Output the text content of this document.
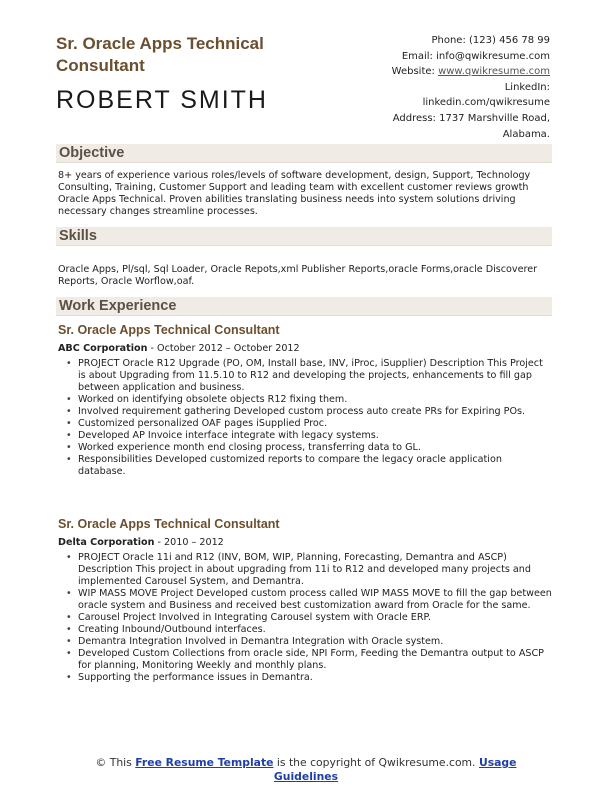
Sr. Oracle Apps Technical Consultant
ROBERT SMITH
Phone: (123) 456 78 99
Email: info@qwikresume.com
Website: www.qwikresume.com
LinkedIn:
linkedin.com/qwikresume
Address: 1737 Marshville Road,
Alabama.
Objective
8+ years of experience various roles/levels of software development, design, Support, Technology Consulting, Training, Customer Support and leading team with excellent customer reviews growth Oracle Apps Technical. Proven abilities translating business needs into system solutions driving necessary changes streamline processes.
Skills
Oracle Apps, Pl/sql, Sql Loader, Oracle Repots,xml Publisher Reports,oracle Forms,oracle Discoverer Reports, Oracle Worflow,oaf.
Work Experience
Sr. Oracle Apps Technical Consultant
ABC Corporation - October 2012 – October 2012
• PROJECT Oracle R12 Upgrade (PO, OM, Install base, INV, iProc, iSupplier) Description This Project is about Upgrading from 11.5.10 to R12 and developing the projects, enhancements to fill gap between application and business.
• Worked on identifying obsolete objects R12 fixing them.
• Involved requirement gathering Developed custom process auto create PRs for Expiring POs.
• Customized personalized OAF pages iSupplied Proc.
• Developed AP Invoice interface integrate with legacy systems.
• Worked experience month end closing process, transferring data to GL.
• Responsibilities Developed customized reports to compare the legacy oracle application database.
Sr. Oracle Apps Technical Consultant
Delta Corporation - 2010 – 2012
• PROJECT Oracle 11i and R12 (INV, BOM, WIP, Planning, Forecasting, Demantra and ASCP) Description This project in about upgrading from 11i to R12 and developed many projects and implemented Carousel System, and Demantra.
• WIP MASS MOVE Project Developed custom process called WIP MASS MOVE to fill the gap between oracle system and Business and received best customization award from Oracle for the same.
• Carousel Project Involved in Integrating Carousel system with Oracle ERP.
• Creating Inbound/Outbound interfaces.
• Demantra Integration Involved in Demantra Integration with Oracle system.
• Developed Custom Collections from oracle side, NPI Form, Feeding the Demantra output to ASCP for planning, Monitoring Weekly and monthly plans.
• Supporting the performance issues in Demantra.
© This Free Resume Template is the copyright of Qwikresume.com. Usage Guidelines
